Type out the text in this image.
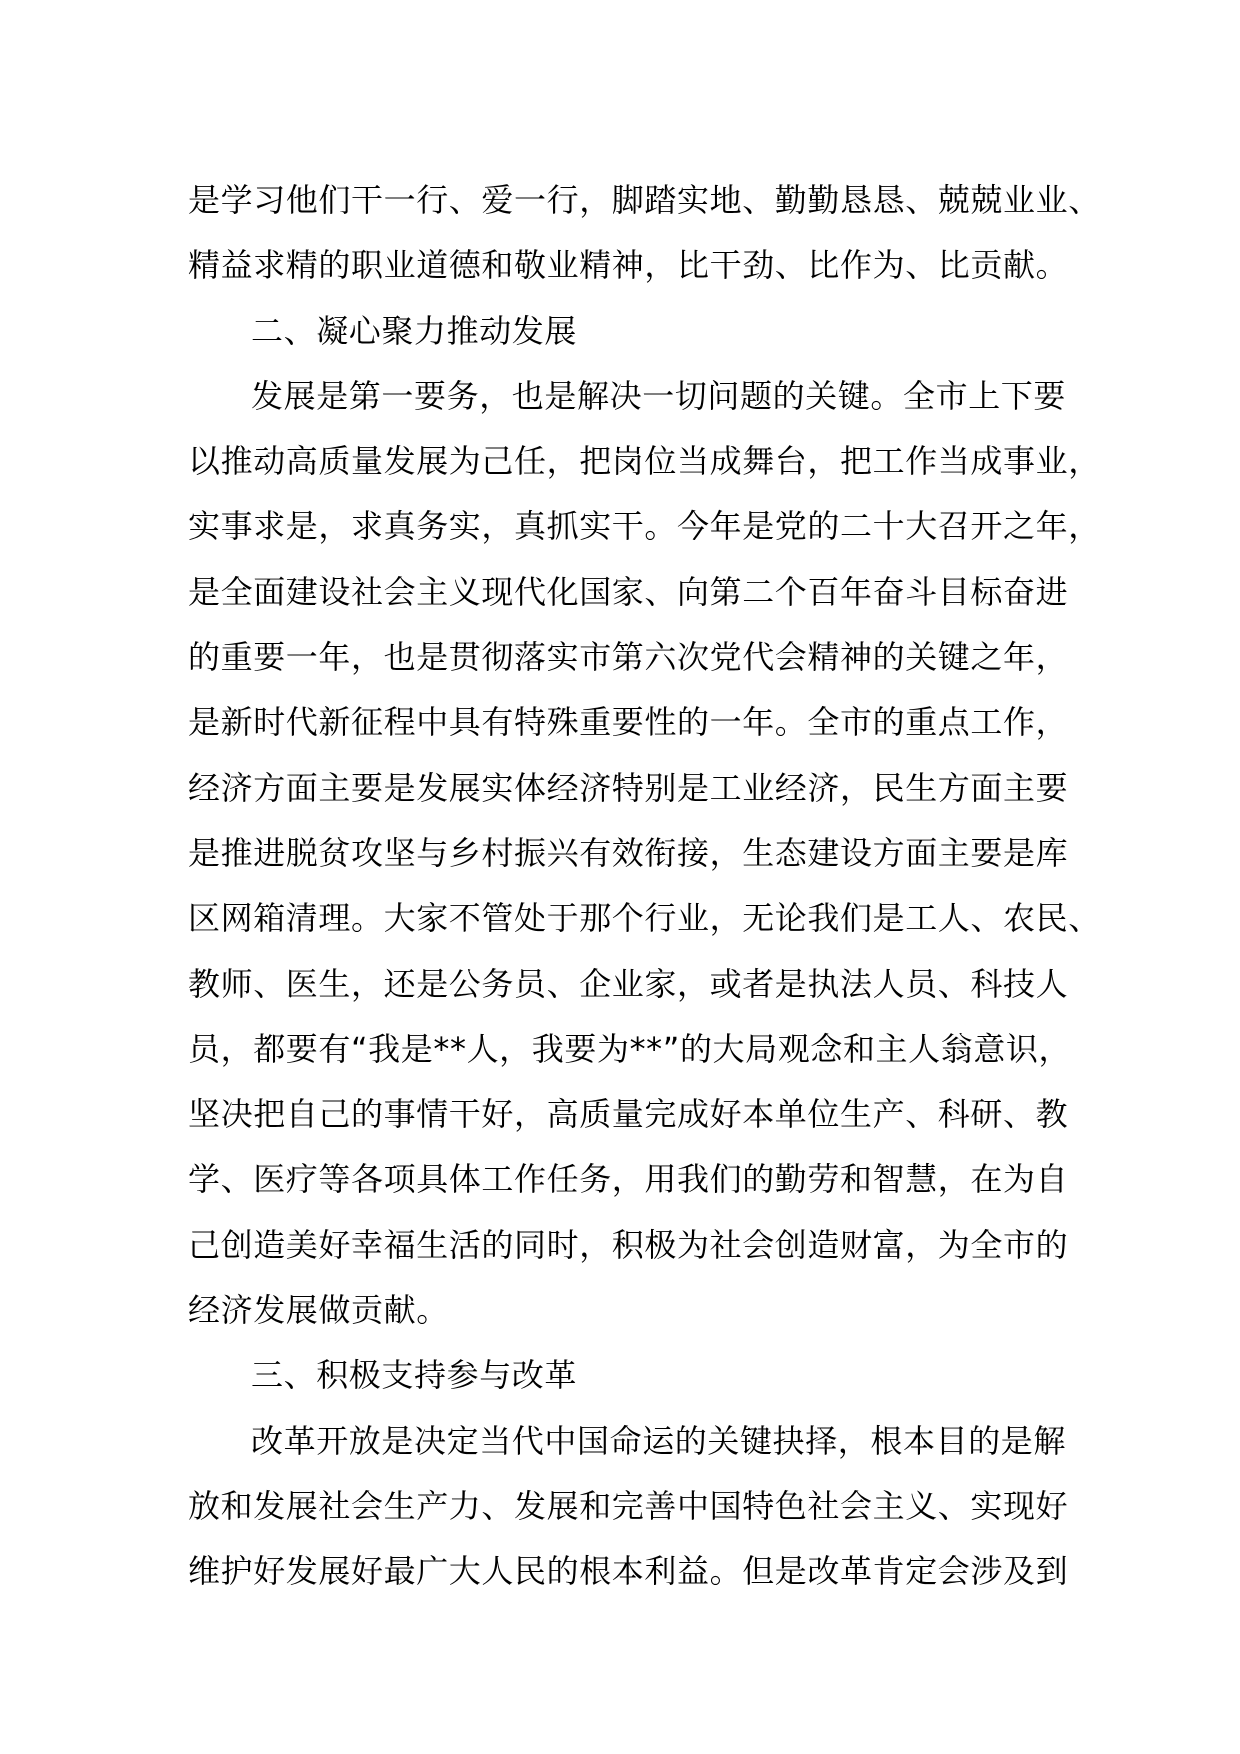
是学习他们干一行、爱一行，脚踏实地、勤勤恳恳、兢兢业业、
精益求精的职业道德和敬业精神，比干劲、比作为、比贡献。
二、凝心聚力推动发展
发展是第一要务，也是解决一切问题的关键。全市上下要
以推动高质量发展为己任，把岗位当成舞台，把工作当成事业，
实事求是，求真务实，真抓实干。今年是党的二十大召开之年，
是全面建设社会主义现代化国家、向第二个百年奋斗目标奋进
的重要一年，也是贯彻落实市第六次党代会精神的关键之年，
是新时代新征程中具有特殊重要性的一年。全市的重点工作，
经济方面主要是发展实体经济特别是工业经济，民生方面主要
是推进脱贫攻坚与乡村振兴有效衔接，生态建设方面主要是库
区网箱清理。大家不管处于那个行业，无论我们是工人、农民、
教师、医生，还是公务员、企业家，或者是执法人员、科技人
员，都要有“我是**人，我要为**”的大局观念和主人翁意识，
坚决把自己的事情干好，高质量完成好本单位生产、科研、教
学、医疗等各项具体工作任务，用我们的勤劳和智慧，在为自
己创造美好幸福生活的同时，积极为社会创造财富，为全市的
经济发展做贡献。
三、积极支持参与改革
改革开放是决定当代中国命运的关键抉择，根本目的是解
放和发展社会生产力、发展和完善中国特色社会主义、实现好
维护好发展好最广大人民的根本利益。但是改革肯定会涉及到
